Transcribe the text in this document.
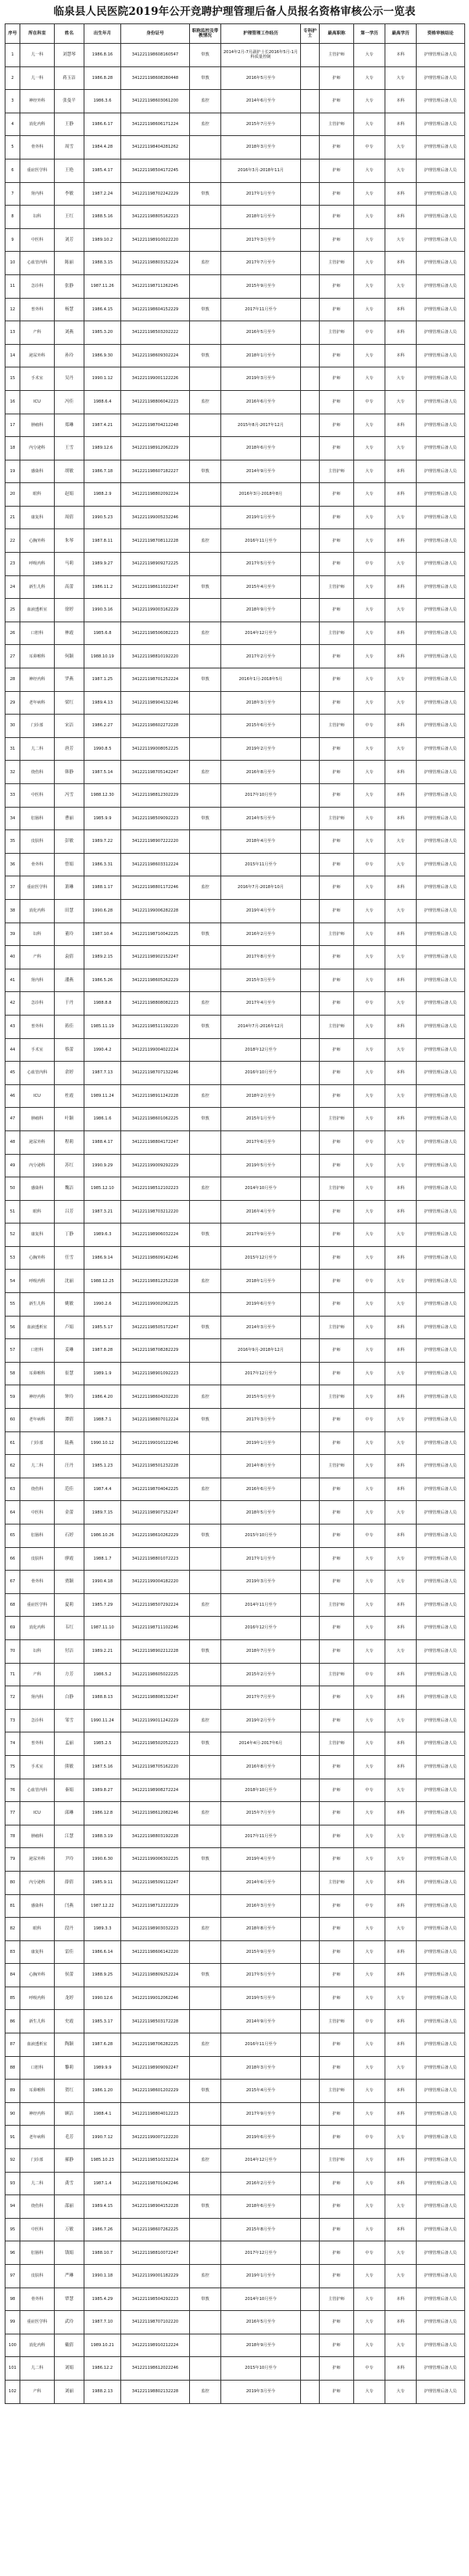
临泉县人民医院2019年公开竞聘护理管理后备人员报名资格审核公示一览表
序号	所在科室	姓名	出生年月	身份证号	职称监控及带教情况	护理管理工作经历	专科护士	最高职称	第一学历	最高学历	资格审核结论
1	儿一科	刘慧琴	1986.8.16	341221198608160547	带教	2014年2月-7月副护士长2016年5月-1月科质量控制		主管护师	大专	本科	护理管理后备人员
2	儿一科	蒋玉洁	1986.8.28	341221198608280448	带教	2016年5月至今		护师	大专	大专	护理管理后备人员
3	神经外科	张曼平	1986.3.6	341221198603061200	监控	2014年6月至今		护师	大专	本科	护理管理后备人员
4	消化内科	王静	1986.6.17	341221198606171224	监控	2015年7月至今		主管护师	大专	本科	护理管理后备人员
5	骨外科	周雪	1984.4.28	341221198404281262		2018年3月至今		护师	中专	大专	护理管理后备人员
6	重症医学科	王艳	1985.4.17	341221198504172245		2016年3月-2018年11月		护师	大专	大专	护理管理后备人员
7	肾内科	李敏	1987.2.24	341221198702242229	带教	2017年1月至今		护师	大专	本科	护理管理后备人员
8	妇科	王红	1988.5.16	341221198805162223		2018年1月至今		护师	大专	本科	护理管理后备人员
9	中医科	刘芳	1989.10.2	341221198910022220		2017年3月至今		护师	大专	大专	护理管理后备人员
10	心血管内科	陈丽	1988.3.15	341221198803152224	监控	2017年7月至今		主管护师	大专	本科	护理管理后备人员
11	急诊科	张静	1987.11.26	341221198711262245		2015年9月至今		护师	大专	大专	护理管理后备人员
12	普外科	杨慧	1986.4.15	341221198604152229	带教	2017年11月至今		护师	大专	本科	护理管理后备人员
13	产科	刘燕	1985.3.20	341221198503202222		2016年5月至今		主管护师	中专	本科	护理管理后备人员
14	泌尿外科	孙玲	1986.9.30	341221198609302224	带教	2018年1月至今		护师	大专	本科	护理管理后备人员
15	手术室	吴丹	1990.1.12	341221199001122226		2019年3月至今		护师	大专	大专	护理管理后备人员
16	ICU	冯佳	1988.6.4	341221198806042223	监控	2016年6月至今		护师	中专	大专	护理管理后备人员
17	肿瘤科	郑琳	1987.4.21	341221198704212248		2015年8月-2017年12月		护师	大专	本科	护理管理后备人员
18	内分泌科	王雪	1989.12.6	341221198912062229		2018年6月至今		护师	大专	大专	护理管理后备人员
19	感染科	胡敏	1986.7.18	341221198607182227	带教	2014年9月至今		主管护师	大专	本科	护理管理后备人员
20	眼科	赵娟	1988.2.9	341221198802092224		2016年3月-2018年8月		护师	大专	本科	护理管理后备人员
21	康复科	周倩	1990.5.23	341221199005232246		2019年1月至今		护师	大专	大专	护理管理后备人员
22	心胸外科	朱琴	1987.8.11	341221198708112228	监控	2016年11月至今		护师	大专	本科	护理管理后备人员
23	呼吸内科	马莉	1989.9.27	341221198909272225		2017年5月至今		护师	中专	大专	护理管理后备人员
24	新生儿科	高蕾	1986.11.2	341221198611022247	带教	2015年4月至今		主管护师	大专	本科	护理管理后备人员
25	血液透析室	徐婷	1990.3.16	341221199003162229		2018年9月至今		护师	大专	大专	护理管理后备人员
26	口腔科	林霞	1985.6.8	341221198506082223	监控	2014年12月至今		主管护师	大专	本科	护理管理后备人员
27	耳鼻喉科	何颖	1988.10.19	341221198810192220		2017年2月至今		护师	大专	本科	护理管理后备人员
28	神经内科	罗燕	1987.1.25	341221198701252224	带教	2016年1月-2018年5月		护师	大专	大专	护理管理后备人员
29	老年病科	梁红	1989.4.13	341221198904132246		2018年3月至今		护师	大专	大专	护理管理后备人员
30	门诊部	宋洁	1986.2.27	341221198602272228		2015年6月至今		主管护师	中专	本科	护理管理后备人员
31	儿二科	唐芳	1990.8.5	341221199008052225		2019年2月至今		护师	大专	大专	护理管理后备人员
32	烧伤科	韩静	1987.5.14	341221198705142247	监控	2016年8月至今		护师	大专	本科	护理管理后备人员
33	中医科	冯雪	1988.12.30	341221198812302229		2017年10月至今		护师	大专	本科	护理管理后备人员
34	肛肠科	曹丽	1985.9.9	341221198509092223	带教	2014年5月至今		主管护师	大专	本科	护理管理后备人员
35	皮肤科	彭敏	1989.7.22	341221198907222220		2018年4月至今		护师	大专	大专	护理管理后备人员
36	骨外科	曾娟	1986.3.31	341221198603312224		2015年11月至今		护师	中专	大专	护理管理后备人员
37	重症医学科	萧琳	1988.1.17	341221198801172246	监控	2016年7月-2018年10月		护师	大专	本科	护理管理后备人员
38	消化内科	田慧	1990.6.28	341221199006282228		2019年4月至今		护师	大专	大专	护理管理后备人员
39	妇科	董玲	1987.10.4	341221198710042225	带教	2016年2月至今		主管护师	大专	本科	护理管理后备人员
40	产科	袁倩	1989.2.15	341221198902152247		2017年8月至今		护师	大专	大专	护理管理后备人员
41	肾内科	潘燕	1986.5.26	341221198605262229		2015年3月至今		护师	大专	本科	护理管理后备人员
42	急诊科	于丹	1988.8.8	341221198808082223	监控	2017年4月至今		护师	中专	大专	护理管理后备人员
43	普外科	蒋佳	1985.11.19	341221198511192220	带教	2014年7月-2016年12月		主管护师	大专	本科	护理管理后备人员
44	手术室	蔡蕾	1990.4.2	341221199004022224		2018年12月至今		护师	大专	大专	护理管理后备人员
45	心血管内科	余婷	1987.7.13	341221198707132246		2016年10月至今		护师	大专	本科	护理管理后备人员
46	ICU	杜霞	1989.11.24	341221198911242228	监控	2018年2月至今		护师	大专	大专	护理管理后备人员
47	肿瘤科	叶颖	1986.1.6	341221198601062225	带教	2015年1月至今		主管护师	大专	本科	护理管理后备人员
48	泌尿外科	程莉	1988.4.17	341221198804172247		2017年6月至今		护师	中专	大专	护理管理后备人员
49	内分泌科	苏红	1990.9.29	341221199009292229		2019年5月至今		护师	大专	大专	护理管理后备人员
50	感染科	魏洁	1985.12.10	341221198512102223	监控	2014年10月至今		主管护师	大专	本科	护理管理后备人员
51	眼科	吕芳	1987.3.21	341221198703212220		2016年4月至今		护师	大专	本科	护理管理后备人员
52	康复科	丁静	1989.6.3	341221198906032224	带教	2017年9月至今		护师	大专	大专	护理管理后备人员
53	心胸外科	任雪	1986.9.14	341221198609142246		2015年12月至今		护师	大专	本科	护理管理后备人员
54	呼吸内科	沈丽	1988.12.25	341221198812252228	监控	2018年1月至今		护师	中专	大专	护理管理后备人员
55	新生儿科	姚敏	1990.2.6	341221199002062225		2019年6月至今		护师	大专	大专	护理管理后备人员
56	血液透析室	卢娟	1985.5.17	341221198505172247	带教	2014年3月至今		主管护师	大专	本科	护理管理后备人员
57	口腔科	姜琳	1987.8.28	341221198708282229		2016年9月-2018年12月		护师	大专	本科	护理管理后备人员
58	耳鼻喉科	崔慧	1989.1.9	341221198901092223		2017年12月至今		护师	大专	大专	护理管理后备人员
59	神经内科	钟玲	1986.4.20	341221198604202220	监控	2015年5月至今		主管护师	大专	本科	护理管理后备人员
60	老年病科	谭倩	1988.7.1	341221198807012224	带教	2017年3月至今		护师	中专	大专	护理管理后备人员
61	门诊部	陆燕	1990.10.12	341221199010122246		2019年1月至今		护师	大专	大专	护理管理后备人员
62	儿二科	汪丹	1985.1.23	341221198501232228		2014年8月至今		主管护师	大专	本科	护理管理后备人员
63	烧伤科	范佳	1987.4.4	341221198704042225	监控	2016年6月至今		护师	大专	本科	护理管理后备人员
64	中医科	金蕾	1989.7.15	341221198907152247		2018年5月至今		护师	大专	大专	护理管理后备人员
65	肛肠科	石婷	1986.10.26	341221198610262229	带教	2015年10月至今		护师	中专	本科	护理管理后备人员
66	皮肤科	廖霞	1988.1.7	341221198801072223		2017年1月至今		护师	大专	大专	护理管理后备人员
67	骨外科	贾颖	1990.4.18	341221199004182220		2019年3月至今		护师	大专	大专	护理管理后备人员
68	重症医学科	夏莉	1985.7.29	341221198507292224	监控	2014年11月至今		主管护师	大专	本科	护理管理后备人员
69	消化内科	韦红	1987.11.10	341221198711102246		2016年12月至今		护师	大专	本科	护理管理后备人员
70	妇科	付洁	1989.2.21	341221198902212228	带教	2018年7月至今		护师	大专	大专	护理管理后备人员
71	产科	方芳	1986.5.2	341221198605022225		2015年2月至今		主管护师	中专	本科	护理管理后备人员
72	肾内科	白静	1988.8.13	341221198808132247		2017年7月至今		护师	大专	本科	护理管理后备人员
73	急诊科	邹雪	1990.11.24	341221199011242229	监控	2019年2月至今		护师	大专	大专	护理管理后备人员
74	普外科	孟丽	1985.2.5	341221198502052223	带教	2014年4月-2017年6月		主管护师	大专	本科	护理管理后备人员
75	手术室	熊敏	1987.5.16	341221198705162220		2016年8月至今		护师	大专	本科	护理管理后备人员
76	心血管内科	秦娟	1989.8.27	341221198908272224		2018年10月至今		护师	中专	大专	护理管理后备人员
77	ICU	邱琳	1986.12.8	341221198612082246	监控	2015年7月至今		护师	大专	本科	护理管理后备人员
78	肿瘤科	江慧	1988.3.19	341221198803192228		2017年11月至今		护师	大专	大专	护理管理后备人员
79	泌尿外科	尹玲	1990.6.30	341221199006302225	带教	2019年4月至今		护师	大专	大专	护理管理后备人员
80	内分泌科	薛倩	1985.9.11	341221198509112247		2014年6月至今		主管护师	大专	本科	护理管理后备人员
81	感染科	闫燕	1987.12.22	341221198712222229		2016年3月至今		护师	中专	本科	护理管理后备人员
82	眼科	段丹	1989.3.3	341221198903032223	监控	2018年8月至今		护师	大专	大专	护理管理后备人员
83	康复科	雷佳	1986.6.14	341221198606142220		2015年9月至今		护师	大专	本科	护理管理后备人员
84	心胸外科	侯蕾	1988.9.25	341221198809252224	带教	2017年5月至今		护师	大专	本科	护理管理后备人员
85	呼吸内科	龙婷	1990.12.6	341221199012062246		2019年5月至今		护师	大专	大专	护理管理后备人员
86	新生儿科	史霞	1985.3.17	341221198503172228		2014年9月至今		主管护师	中专	本科	护理管理后备人员
87	血液透析室	陶颖	1987.6.28	341221198706282225	监控	2016年11月至今		护师	大专	本科	护理管理后备人员
88	口腔科	黎莉	1989.9.9	341221198909092247		2018年3月至今		护师	大专	大专	护理管理后备人员
89	耳鼻喉科	贺红	1986.1.20	341221198601202229	带教	2015年4月至今		主管护师	大专	本科	护理管理后备人员
90	神经内科	顾洁	1988.4.1	341221198804012223		2017年9月至今		护师	大专	本科	护理管理后备人员
91	老年病科	毛芳	1990.7.12	341221199007122220		2019年6月至今		护师	中专	大专	护理管理后备人员
92	门诊部	郝静	1985.10.23	341221198510232224	监控	2014年12月至今		主管护师	大专	本科	护理管理后备人员
93	儿二科	龚雪	1987.1.4	341221198701042246		2016年2月至今		护师	大专	本科	护理管理后备人员
94	烧伤科	邵丽	1989.4.15	341221198904152228	带教	2018年6月至今		护师	大专	大专	护理管理后备人员
95	中医科	万敏	1986.7.26	341221198607262225		2015年8月至今		护师	大专	本科	护理管理后备人员
96	肛肠科	钱娟	1988.10.7	341221198810072247		2017年12月至今		护师	中专	大专	护理管理后备人员
97	皮肤科	严琳	1990.1.18	341221199001182229	监控	2019年1月至今		护师	大专	大专	护理管理后备人员
98	骨外科	覃慧	1985.4.29	341221198504292223	带教	2014年10月至今		主管护师	大专	本科	护理管理后备人员
99	重症医学科	武玲	1987.7.10	341221198707102220		2016年5月至今		护师	大专	本科	护理管理后备人员
100	消化内科	戴倩	1989.10.21	341221198910212224		2018年9月至今		护师	大专	大专	护理管理后备人员
101	儿二科	刘娟	1986.12.2	341221198612022246		2015年10月至今		护师	中专	本科	护理管理后备人员
102	产科	刘丽	1988.2.13	341221198802132228	监控	2019年3月至今		护师	大专	大专	护理管理后备人员
